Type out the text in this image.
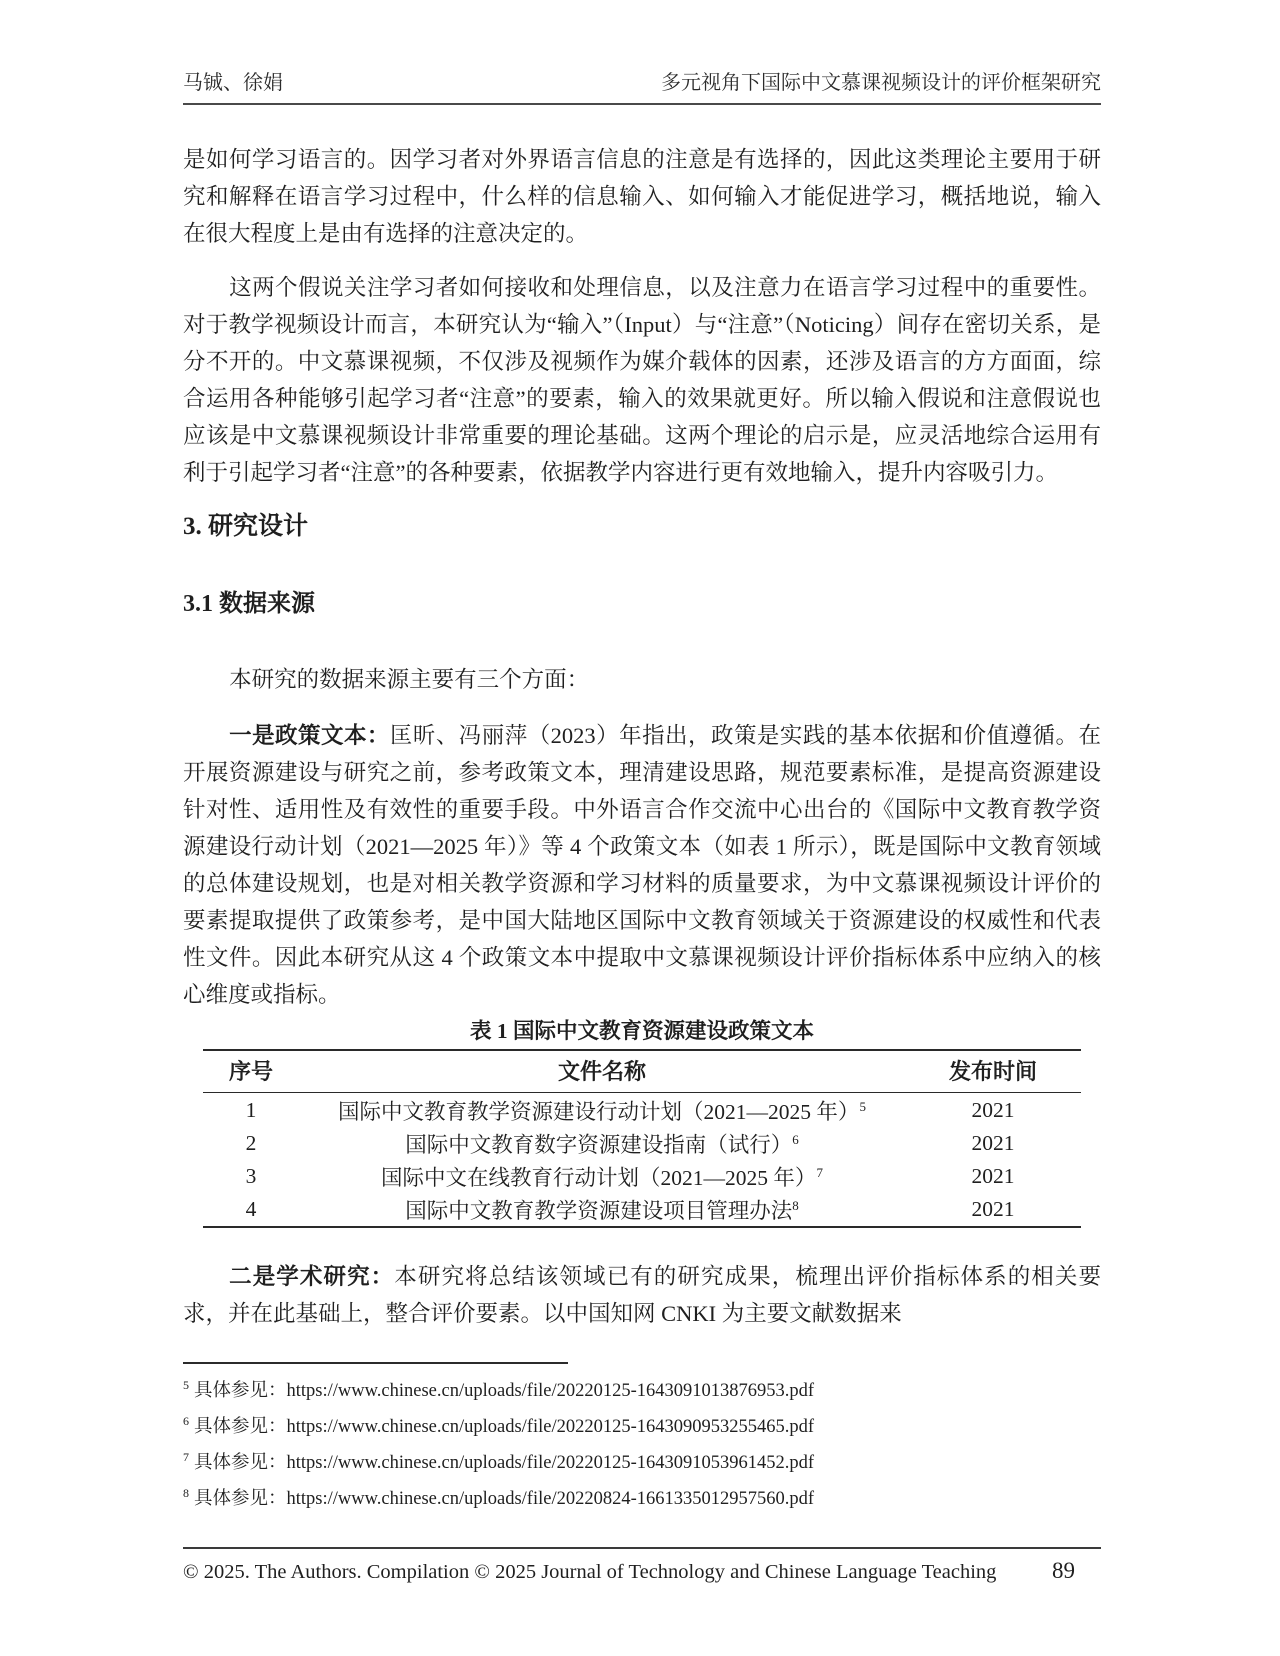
马铖、徐娟	多元视角下国际中文慕课视频设计的评价框架研究

是如何学习语言的。因学习者对外界语言信息的注意是有选择的，因此这类理论主要用于研究和解释在语言学习过程中，什么样的信息输入、如何输入才能促进学习，概括地说，输入在很大程度上是由有选择的注意决定的。

这两个假说关注学习者如何接收和处理信息，以及注意力在语言学习过程中的重要性。对于教学视频设计而言，本研究认为“输入”（Input）与“注意”（Noticing）间存在密切关系，是分不开的。中文慕课视频，不仅涉及视频作为媒介载体的因素，还涉及语言的方方面面，综合运用各种能够引起学习者“注意”的要素，输入的效果就更好。所以输入假说和注意假说也应该是中文慕课视频设计非常重要的理论基础。这两个理论的启示是，应灵活地综合运用有利于引起学习者“注意”的各种要素，依据教学内容进行更有效地输入，提升内容吸引力。

3. 研究设计
3.1 数据来源

本研究的数据来源主要有三个方面：

一是政策文本：匡昕、冯丽萍（2023）年指出，政策是实践的基本依据和价值遵循。在开展资源建设与研究之前，参考政策文本，理清建设思路，规范要素标准，是提高资源建设针对性、适用性及有效性的重要手段。中外语言合作交流中心出台的《国际中文教育教学资源建设行动计划（2021—2025 年）》等 4 个政策文本（如表 1 所示），既是国际中文教育领域的总体建设规划，也是对相关教学资源和学习材料的质量要求，为中文慕课视频设计评价的要素提取提供了政策参考，是中国大陆地区国际中文教育领域关于资源建设的权威性和代表性文件。因此本研究从这 4 个政策文本中提取中文慕课视频设计评价指标体系中应纳入的核心维度或指标。

表 1 国际中文教育资源建设政策文本
序号	文件名称	发布时间
1	国际中文教育教学资源建设行动计划（2021—2025 年）$^5$	2021
2	国际中文教育数字资源建设指南（试行）$^6$	2021
3	国际中文在线教育行动计划（2021—2025 年）$^7$	2021
4	国际中文教育教学资源建设项目管理办法$^8$	2021

二是学术研究：本研究将总结该领域已有的研究成果，梳理出评价指标体系的相关要求，并在此基础上，整合评价要素。以中国知网 CNKI 为主要文献数据来

$^5$ 具体参见：https://www.chinese.cn/uploads/file/20220125-1643091013876953.pdf

$^6$ 具体参见：https://www.chinese.cn/uploads/file/20220125-1643090953255465.pdf

$^7$ 具体参见：https://www.chinese.cn/uploads/file/20220125-1643091053961452.pdf

$^8$ 具体参见：https://www.chinese.cn/uploads/file/20220824-1661335012957560.pdf

© 2025. The Authors. Compilation © 2025 Journal of Technology and Chinese Language Teaching 89
